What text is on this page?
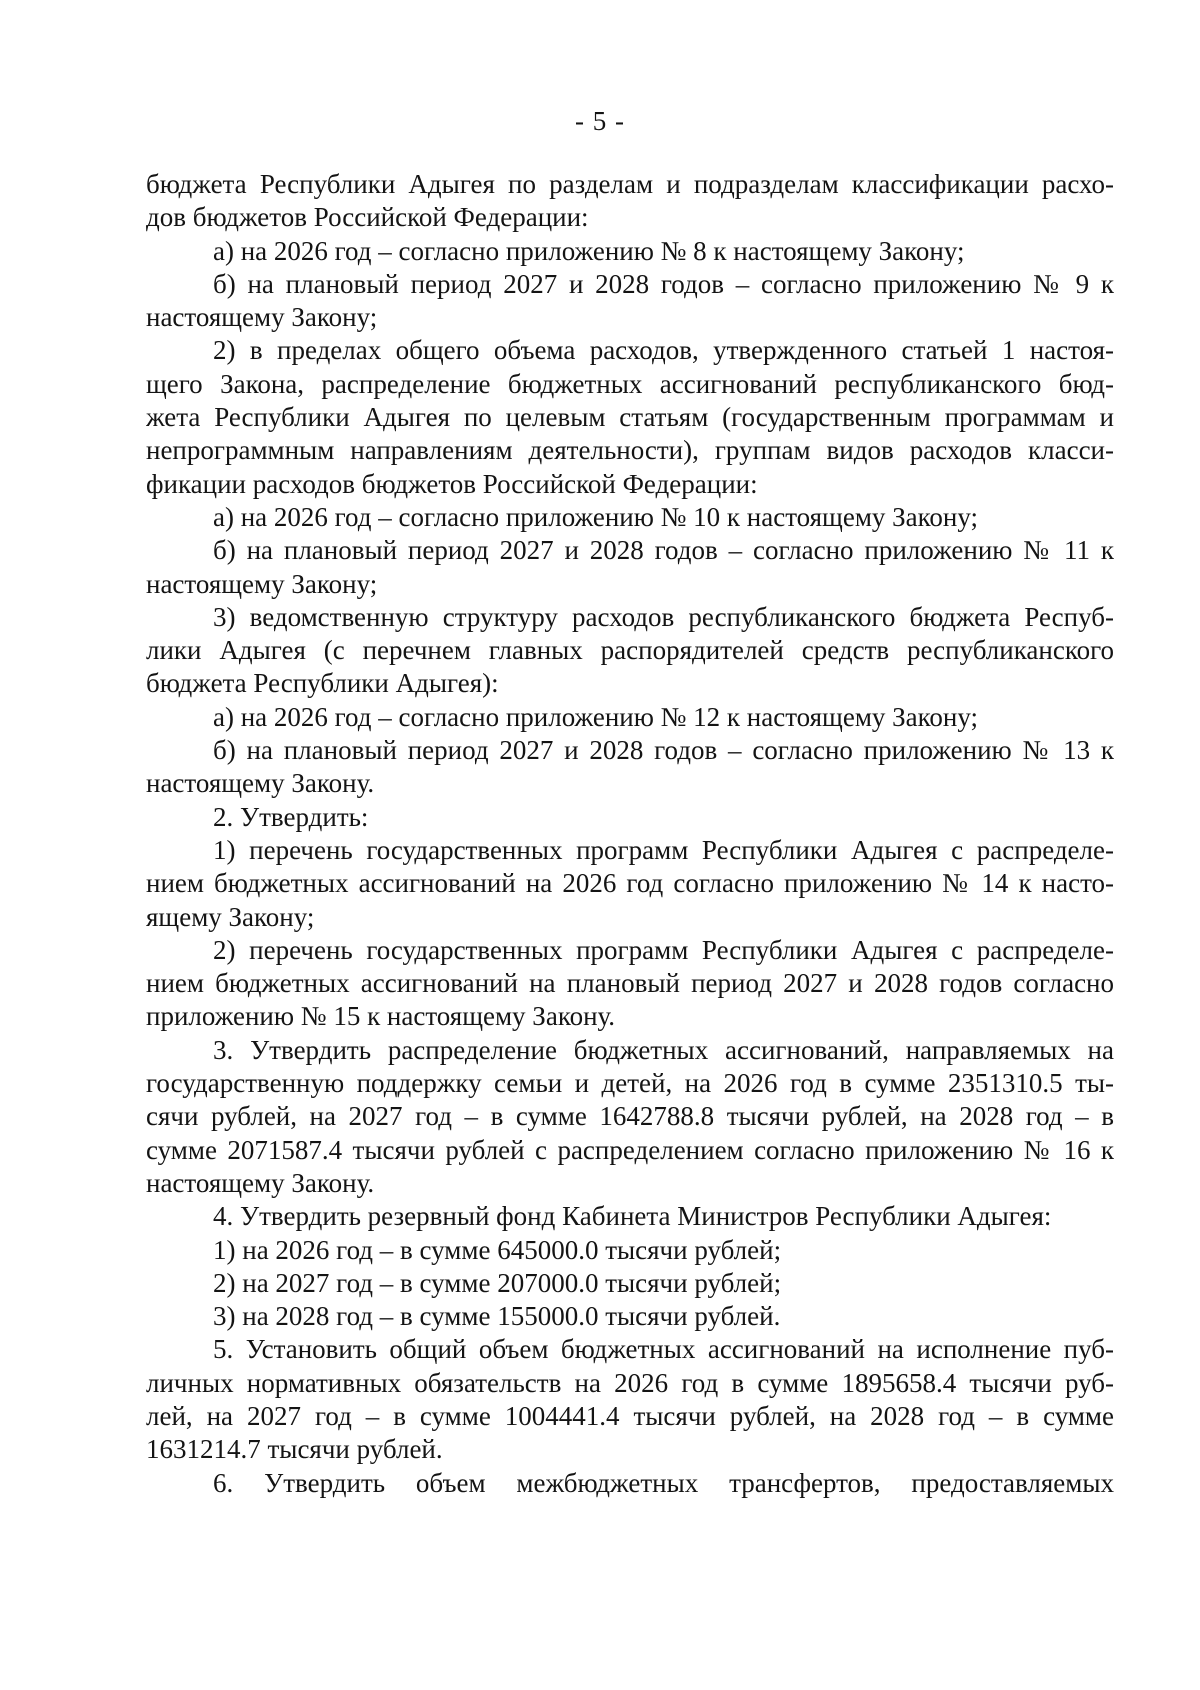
- 5 -
бюджета Республики Адыгея по разделам и подразделам классификации расхо-
дов бюджетов Российской Федерации:
а) на 2026 год – согласно приложению № 8 к настоящему Закону;
б) на плановый период 2027 и 2028 годов – согласно приложению № 9 к
настоящему Закону;
2) в пределах общего объема расходов, утвержденного статьей 1 настоя-
щего Закона, распределение бюджетных ассигнований республиканского бюд-
жета Республики Адыгея по целевым статьям (государственным программам и
непрограммным направлениям деятельности), группам видов расходов класси-
фикации расходов бюджетов Российской Федерации:
а) на 2026 год – согласно приложению № 10 к настоящему Закону;
б) на плановый период 2027 и 2028 годов – согласно приложению № 11 к
настоящему Закону;
3) ведомственную структуру расходов республиканского бюджета Респуб-
лики Адыгея (с перечнем главных распорядителей средств республиканского
бюджета Республики Адыгея):
а) на 2026 год – согласно приложению № 12 к настоящему Закону;
б) на плановый период 2027 и 2028 годов – согласно приложению № 13 к
настоящему Закону.
2. Утвердить:
1) перечень государственных программ Республики Адыгея с распределе-
нием бюджетных ассигнований на 2026 год согласно приложению № 14 к насто-
ящему Закону;
2) перечень государственных программ Республики Адыгея с распределе-
нием бюджетных ассигнований на плановый период 2027 и 2028 годов согласно
приложению № 15 к настоящему Закону.
3. Утвердить распределение бюджетных ассигнований, направляемых на
государственную поддержку семьи и детей, на 2026 год в сумме 2351310.5 ты-
сячи рублей, на 2027 год – в сумме 1642788.8 тысячи рублей, на 2028 год – в
сумме 2071587.4 тысячи рублей с распределением согласно приложению № 16 к
настоящему Закону.
4. Утвердить резервный фонд Кабинета Министров Республики Адыгея:
1) на 2026 год – в сумме 645000.0 тысячи рублей;
2) на 2027 год – в сумме 207000.0 тысячи рублей;
3) на 2028 год – в сумме 155000.0 тысячи рублей.
5. Установить общий объем бюджетных ассигнований на исполнение пуб-
личных нормативных обязательств на 2026 год в сумме 1895658.4 тысячи руб-
лей, на 2027 год – в сумме 1004441.4 тысячи рублей, на 2028 год – в сумме
1631214.7 тысячи рублей.
6. Утвердить объем межбюджетных трансфертов, предоставляемых
